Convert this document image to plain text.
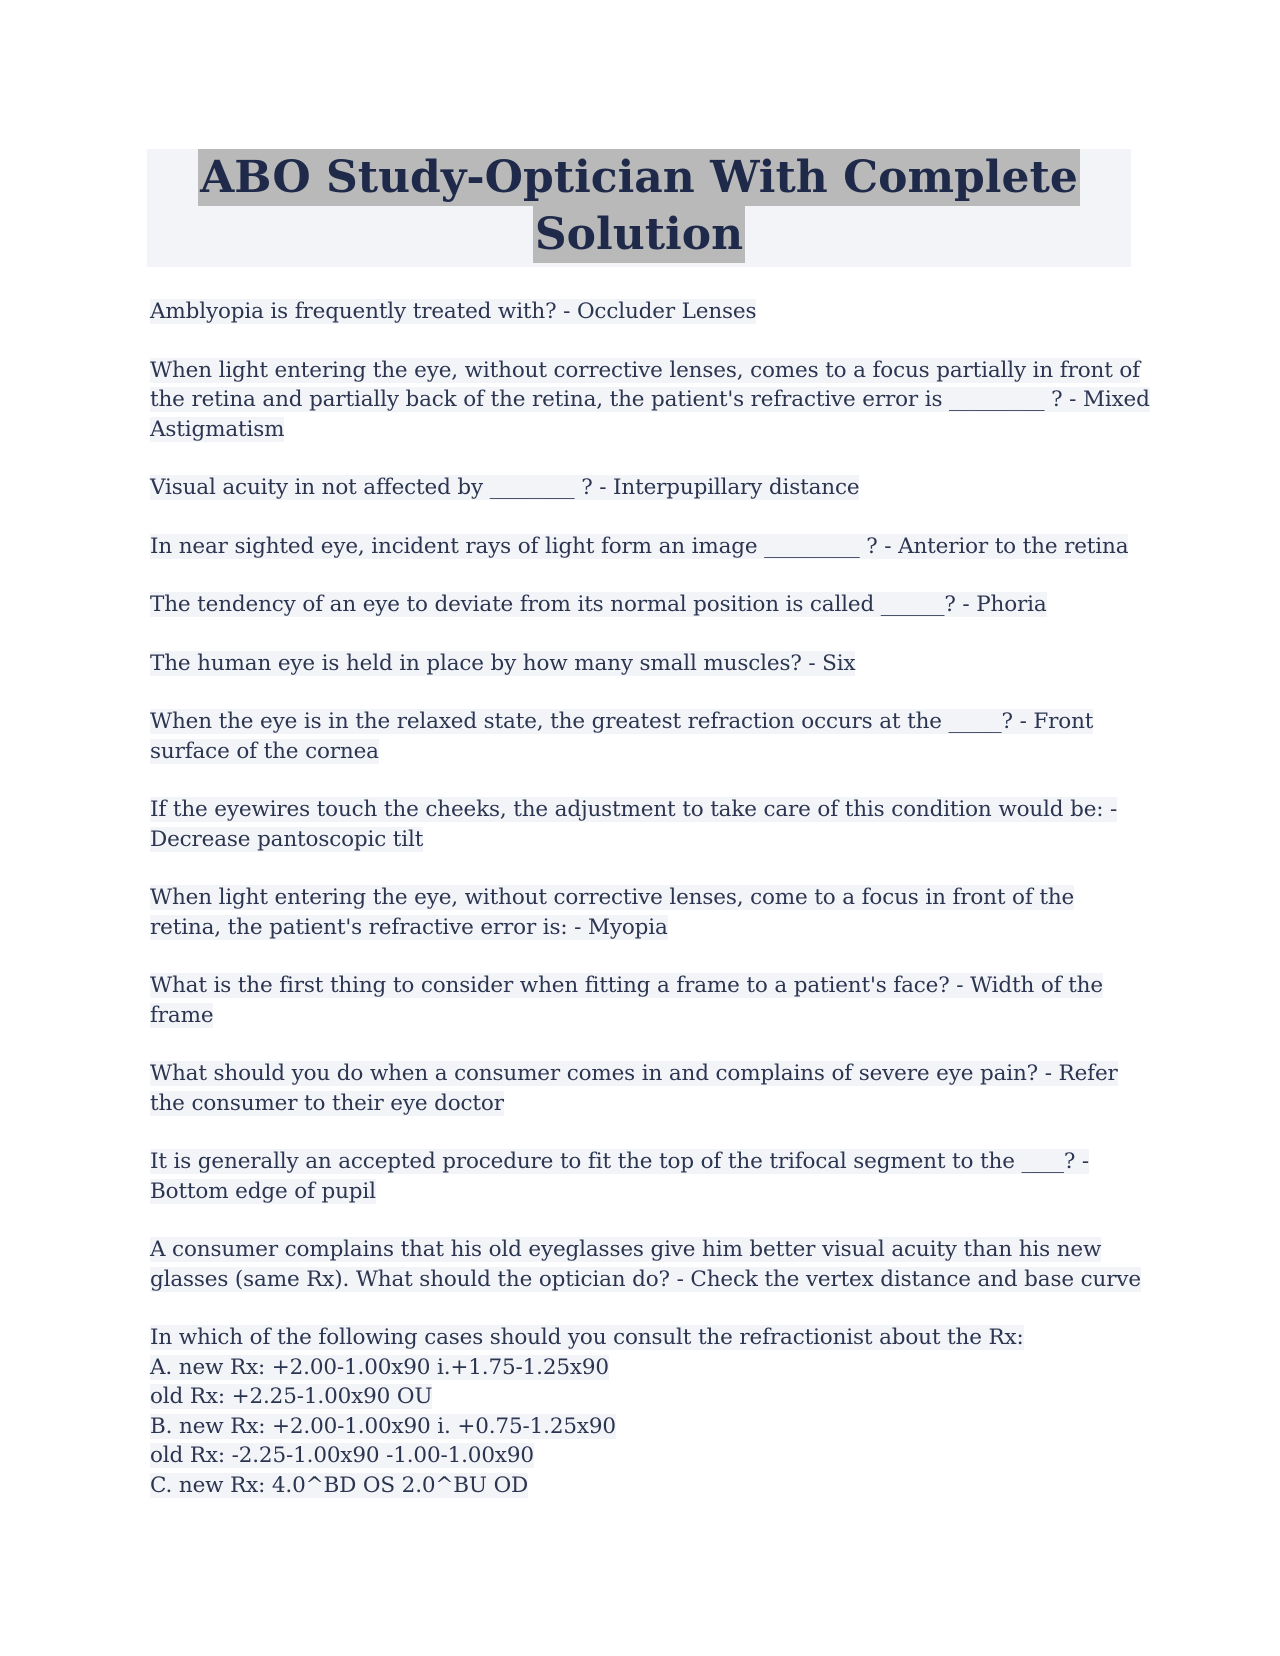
ABO Study-Optician With Complete
Solution
Amblyopia is frequently treated with? - Occluder Lenses
When light entering the eye, without corrective lenses, comes to a focus partially in front of
the retina and partially back of the retina, the patient's refractive error is _________ ? - Mixed
Astigmatism
Visual acuity in not affected by ________ ? - Interpupillary distance
In near sighted eye, incident rays of light form an image _________ ? - Anterior to the retina
The tendency of an eye to deviate from its normal position is called ______? - Phoria
The human eye is held in place by how many small muscles? - Six
When the eye is in the relaxed state, the greatest refraction occurs at the _____? - Front
surface of the cornea
If the eyewires touch the cheeks, the adjustment to take care of this condition would be: -
Decrease pantoscopic tilt
When light entering the eye, without corrective lenses, come to a focus in front of the
retina, the patient's refractive error is: - Myopia
What is the first thing to consider when fitting a frame to a patient's face? - Width of the
frame
What should you do when a consumer comes in and complains of severe eye pain? - Refer
the consumer to their eye doctor
It is generally an accepted procedure to fit the top of the trifocal segment to the ____? -
Bottom edge of pupil
A consumer complains that his old eyeglasses give him better visual acuity than his new
glasses (same Rx). What should the optician do? - Check the vertex distance and base curve
In which of the following cases should you consult the refractionist about the Rx:
A. new Rx: +2.00-1.00x90 i.+1.75-1.25x90
old Rx: +2.25-1.00x90 OU
B. new Rx: +2.00-1.00x90 i. +0.75-1.25x90
old Rx: -2.25-1.00x90 -1.00-1.00x90
C. new Rx: 4.0^BD OS 2.0^BU OD
